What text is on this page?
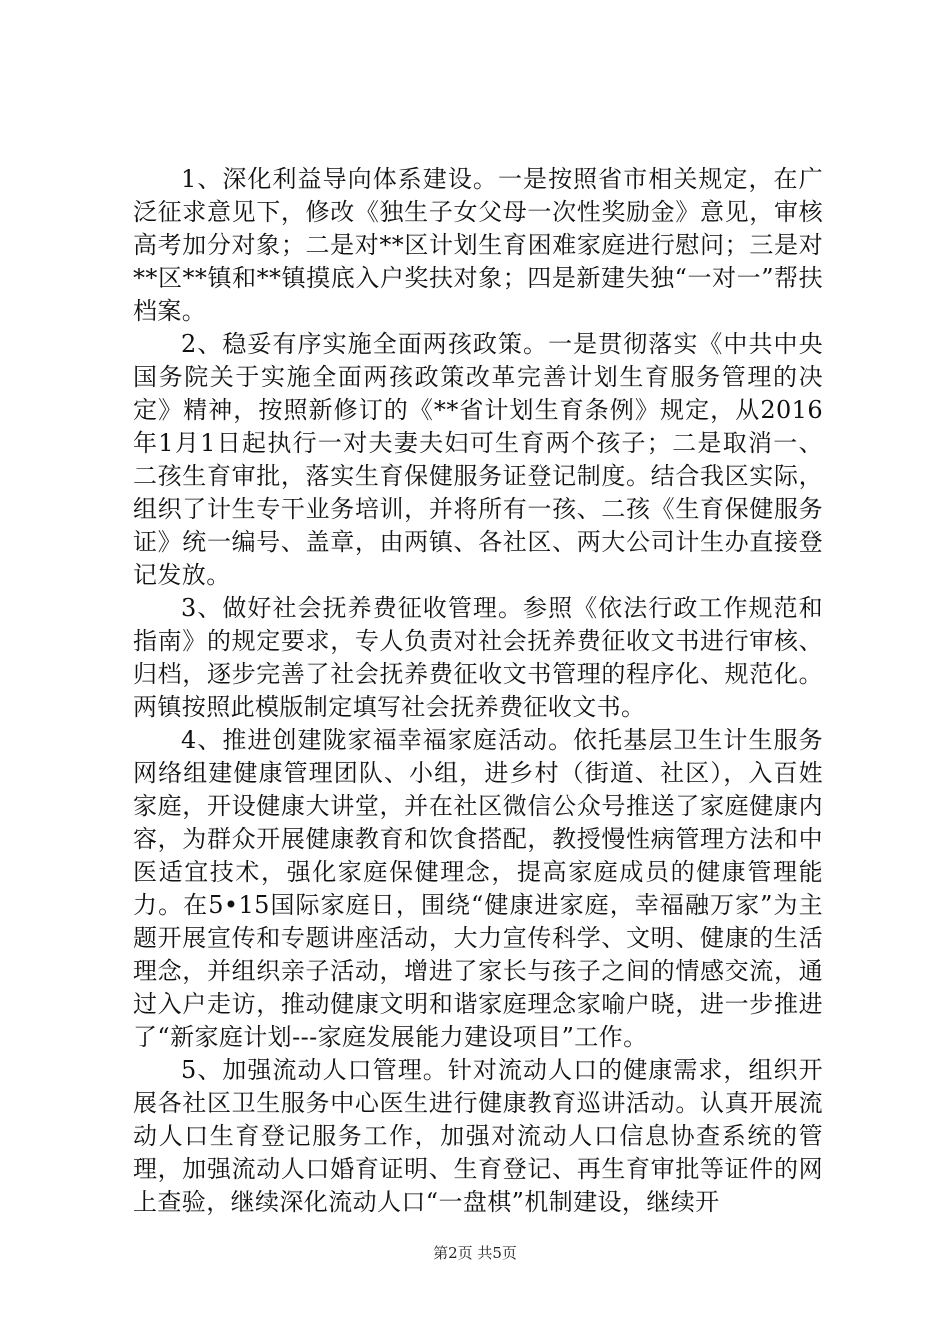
1、深化利益导向体系建设。一是按照省市相关规定，在广泛征求意见下，修改《独生子女父母一次性奖励金》意见，审核高考加分对象；二是对**区计划生育困难家庭进行慰问；三是对**区**镇和**镇摸底入户奖扶对象；四是新建失独“一对一”帮扶档案。

2、稳妥有序实施全面两孩政策。一是贯彻落实《中共中央国务院关于实施全面两孩政策改革完善计划生育服务管理的决定》精神，按照新修订的《**省计划生育条例》规定，从2016年1月1日起执行一对夫妻夫妇可生育两个孩子；二是取消一、二孩生育审批，落实生育保健服务证登记制度。结合我区实际，组织了计生专干业务培训，并将所有一孩、二孩《生育保健服务证》统一编号、盖章，由两镇、各社区、两大公司计生办直接登记发放。

3、做好社会抚养费征收管理。参照《依法行政工作规范和指南》的规定要求，专人负责对社会抚养费征收文书进行审核、归档，逐步完善了社会抚养费征收文书管理的程序化、规范化。两镇按照此模版制定填写社会抚养费征收文书。

4、推进创建陇家福幸福家庭活动。依托基层卫生计生服务网络组建健康管理团队、小组，进乡村（街道、社区），入百姓家庭，开设健康大讲堂，并在社区微信公众号推送了家庭健康内容，为群众开展健康教育和饮食搭配，教授慢性病管理方法和中医适宜技术，强化家庭保健理念，提高家庭成员的健康管理能力。在5•15国际家庭日，围绕“健康进家庭，幸福融万家”为主题开展宣传和专题讲座活动，大力宣传科学、文明、健康的生活理念，并组织亲子活动，增进了家长与孩子之间的情感交流，通过入户走访，推动健康文明和谐家庭理念家喻户晓，进一步推进了“新家庭计划---家庭发展能力建设项目”工作。

5、加强流动人口管理。针对流动人口的健康需求，组织开展各社区卫生服务中心医生进行健康教育巡讲活动。认真开展流动人口生育登记服务工作，加强对流动人口信息协查系统的管理，加强流动人口婚育证明、生育登记、再生育审批等证件的网上查验，继续深化流动人口“一盘棋”机制建设，继续开

第2页 共5页
